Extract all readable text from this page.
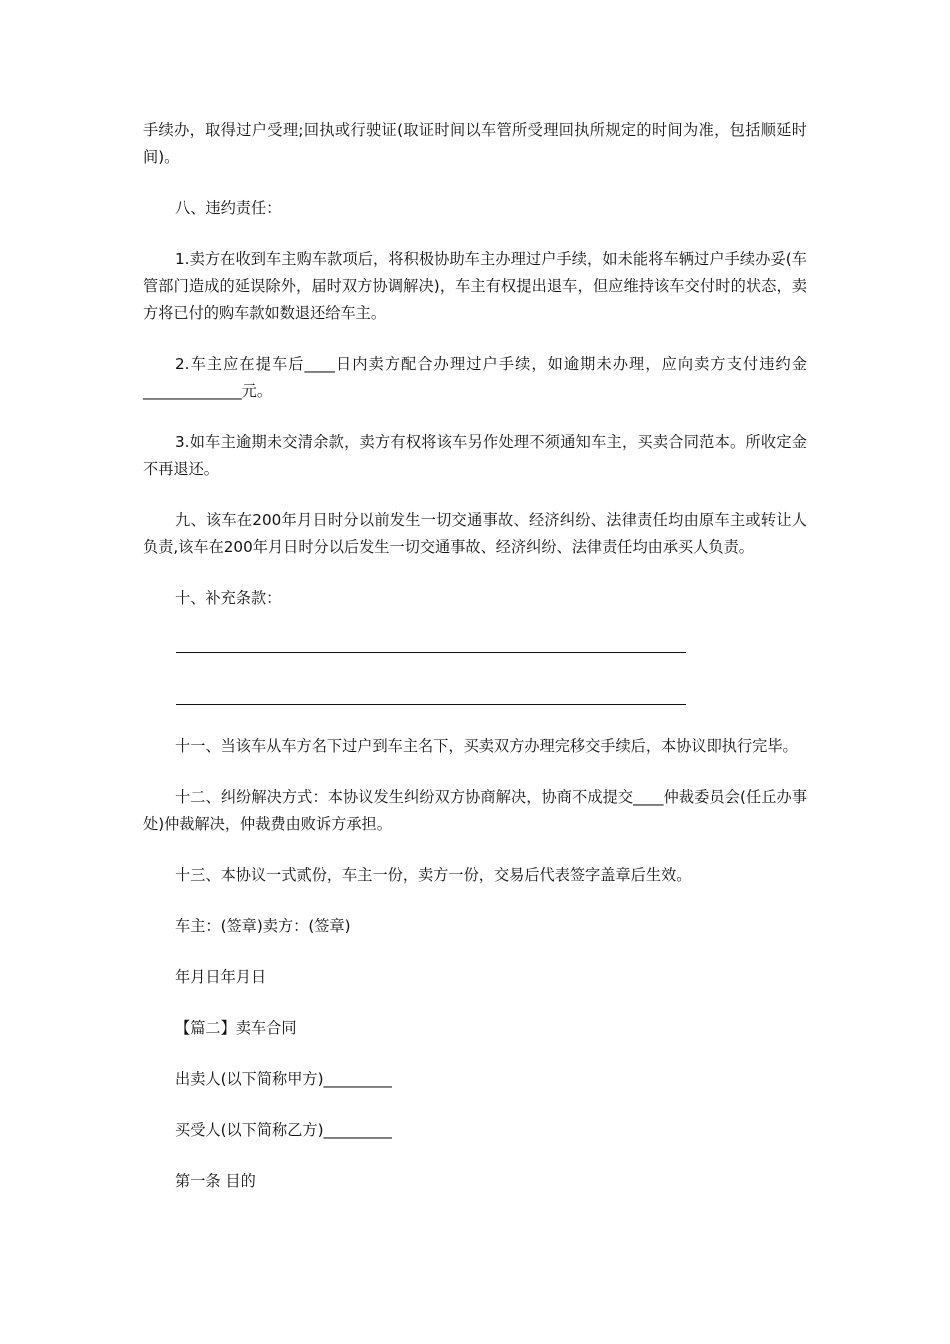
手续办，取得过户受理;回执或行驶证(取证时间以车管所受理回执所规定的时间为准，包括顺延时间)。

八、违约责任：

1.卖方在收到车主购车款项后，将积极协助车主办理过户手续，如未能将车辆过户手续办妥(车管部门造成的延误除外，届时双方协调解决)，车主有权提出退车，但应维持该车交付时的状态，卖方将已付的购车款如数退还给车主。

2.车主应在提车后____日内卖方配合办理过户手续，如逾期未办理，应向卖方支付违约金_____________元。

3.如车主逾期未交清余款，卖方有权将该车另作处理不须通知车主，买卖合同范本。所收定金不再退还。

九、该车在200年月日时分以前发生一切交通事故、经济纠纷、法律责任均由原车主或转让人负责,该车在200年月日时分以后发生一切交通事故、经济纠纷、法律责任均由承买人负责。

十、补充条款：

十一、当该车从车方名下过户到车主名下，买卖双方办理完移交手续后，本协议即执行完毕。

十二、纠纷解决方式：本协议发生纠纷双方协商解决，协商不成提交____仲裁委员会(任丘办事处)仲裁解决，仲裁费由败诉方承担。

十三、本协议一式贰份，车主一份，卖方一份，交易后代表签字盖章后生效。

车主：(签章)卖方：(签章)

年月日年月日

【篇二】卖车合同

出卖人(以下简称甲方)_________

买受人(以下简称乙方)_________

第一条 目的
